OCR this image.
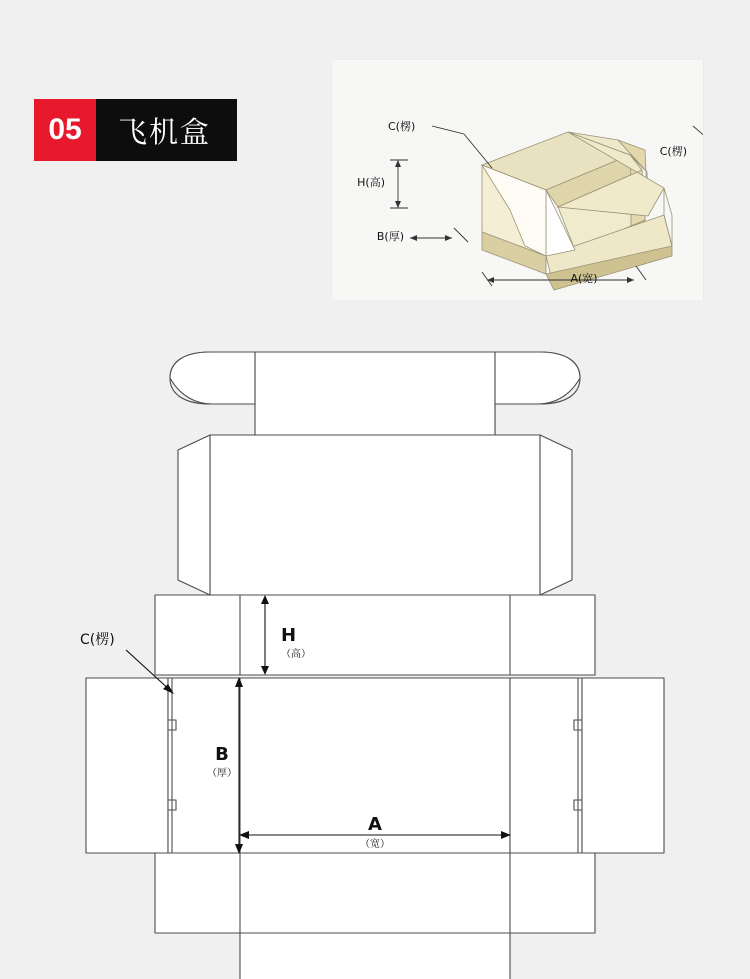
05	飞机盒
C(楞)
H(高)
B(厚)
A(宽)
C(楞)
H
（高）
B
（厚）
A
（宽）
C(楞)
